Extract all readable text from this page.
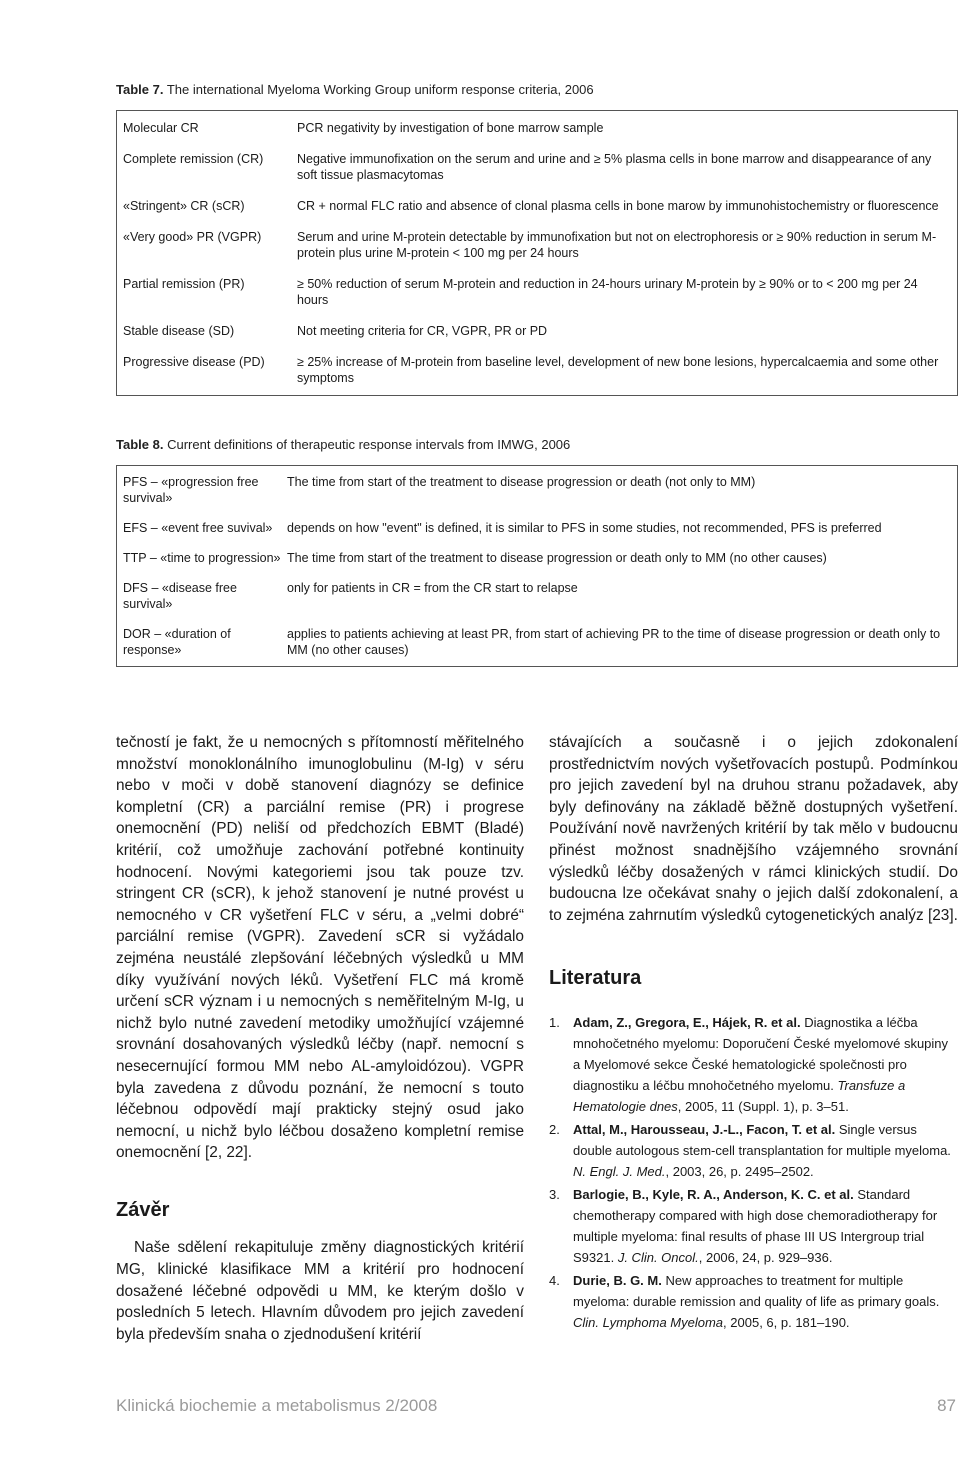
Table 7. The international Myeloma Working Group uniform response criteria, 2006
Molecular CR	PCR negativity by investigation of bone marrow sample
Complete remission (CR)	Negative immunofixation on the serum and urine and ≥ 5% plasma cells in bone marrow and disappearance of any soft tissue plasmacytomas
«Stringent» CR (sCR)	CR + normal FLC ratio and absence of clonal plasma cells in bone marow by immunohistochemistry or fluorescence
«Very good» PR (VGPR)	Serum and urine M-protein detectable by immunofixation but not on electrophoresis or ≥ 90% reduction in serum M-protein plus urine M-protein < 100 mg per 24 hours
Partial remission (PR)	≥ 50% reduction of serum M-protein and reduction in 24-hours urinary M-protein by ≥ 90% or to < 200 mg per 24 hours
Stable disease (SD)	Not meeting criteria for CR, VGPR, PR or PD
Progressive disease (PD)	≥ 25% increase of M-protein from baseline level, development of new bone lesions, hypercalcaemia and some other symptoms
Table 8. Current definitions of therapeutic response intervals from IMWG, 2006
PFS – «progression free survival»	The time from start of the treatment to disease progression or death (not only to MM)
EFS – «event free suvival»	depends on how "event" is defined, it is similar to PFS in some studies, not recommended, PFS is preferred
TTP – «time to progression»	The time from start of the treatment to disease progression or death only to MM (no other causes)
DFS – «disease free survival»	only for patients in CR = from the CR start to relapse
DOR – «duration of response»	applies to patients achieving at least PR, from start of achieving PR to the time of disease progression or death only to MM (no other causes)

tečností je fakt, že u nemocných s přítomností měřitelného množství monoklonálního imunoglobulinu (M-Ig) v séru nebo v moči v době stanovení diagnózy se definice kompletní (CR) a parciální remise (PR) i progrese onemocnění (PD) neliší od předchozích EBMT (Bladé) kritérií, což umožňuje zachování potřebné kontinuity hodnocení. Novými kategoriemi jsou tak pouze tzv. stringent CR (sCR), k jehož stanovení je nutné provést u nemocného v CR vyšetření FLC v séru, a „velmi dobré“ parciální remise (VGPR). Zavedení sCR si vyžádalo zejména neustálé zlepšování léčebných výsledků u MM díky využívání nových léků. Vyšetření FLC má kromě určení sCR význam i u nemocných s neměřitelným M-Ig, u nichž bylo nutné zavedení metodiky umožňující vzájemné srovnání dosahovaných výsledků léčby (např. nemocní s nesecernující formou MM nebo AL-amyloidózou). VGPR byla zavedena z důvodu poznání, že nemocní s touto léčebnou odpovědí mají prakticky stejný osud jako nemocní, u nichž bylo léčbou dosaženo kompletní remise onemocnění [2, 22].

Závěr

Naše sdělení rekapituluje změny diagnostických kritérií MG, klinické klasifikace MM a kritérií pro hodnocení dosažené léčebné odpovědi u MM, ke kterým došlo v posledních 5 letech. Hlavním důvodem pro jejich zavedení byla především snaha o zjednodušení kritérií

stávajících a současně i o jejich zdokonalení prostřednictvím nových vyšetřovacích postupů. Podmínkou pro jejich zavedení byl na druhou stranu požadavek, aby byly definovány na základě běžně dostupných vyšetření. Používání nově navržených kritérií by tak mělo v budoucnu přinést možnost snadnějšího vzájemného srovnání výsledků léčby dosažených v rámci klinických studií. Do budoucna lze očekávat snahy o jejich další zdokonalení, a to zejména zahrnutím výsledků cytogenetických analýz [23].

Literatura
1. Adam, Z., Gregora, E., Hájek, R. et al. Diagnostika a léčba mnohočetného myelomu: Doporučení České myelomové skupiny a Myelomové sekce České hematologické společnosti pro diagnostiku a léčbu mnohočetného myelomu. Transfuze a Hematologie dnes, 2005, 11 (Suppl. 1), p. 3–51.
2. Attal, M., Harousseau, J.-L., Facon, T. et al. Single versus double autologous stem-cell transplantation for multiple myeloma. N. Engl. J. Med., 2003, 26, p. 2495–2502.
3. Barlogie, B., Kyle, R. A., Anderson, K. C. et al. Standard chemotherapy compared with high dose chemoradiotherapy for multiple myeloma: final results of phase III US Intergroup trial S9321. J. Clin. Oncol., 2006, 24, p. 929–936.
4. Durie, B. G. M. New approaches to treatment for multiple myeloma: durable remission and quality of life as primary goals. Clin. Lymphoma Myeloma, 2005, 6, p. 181–190.
Klinická biochemie a metabolismus 2/2008	87
